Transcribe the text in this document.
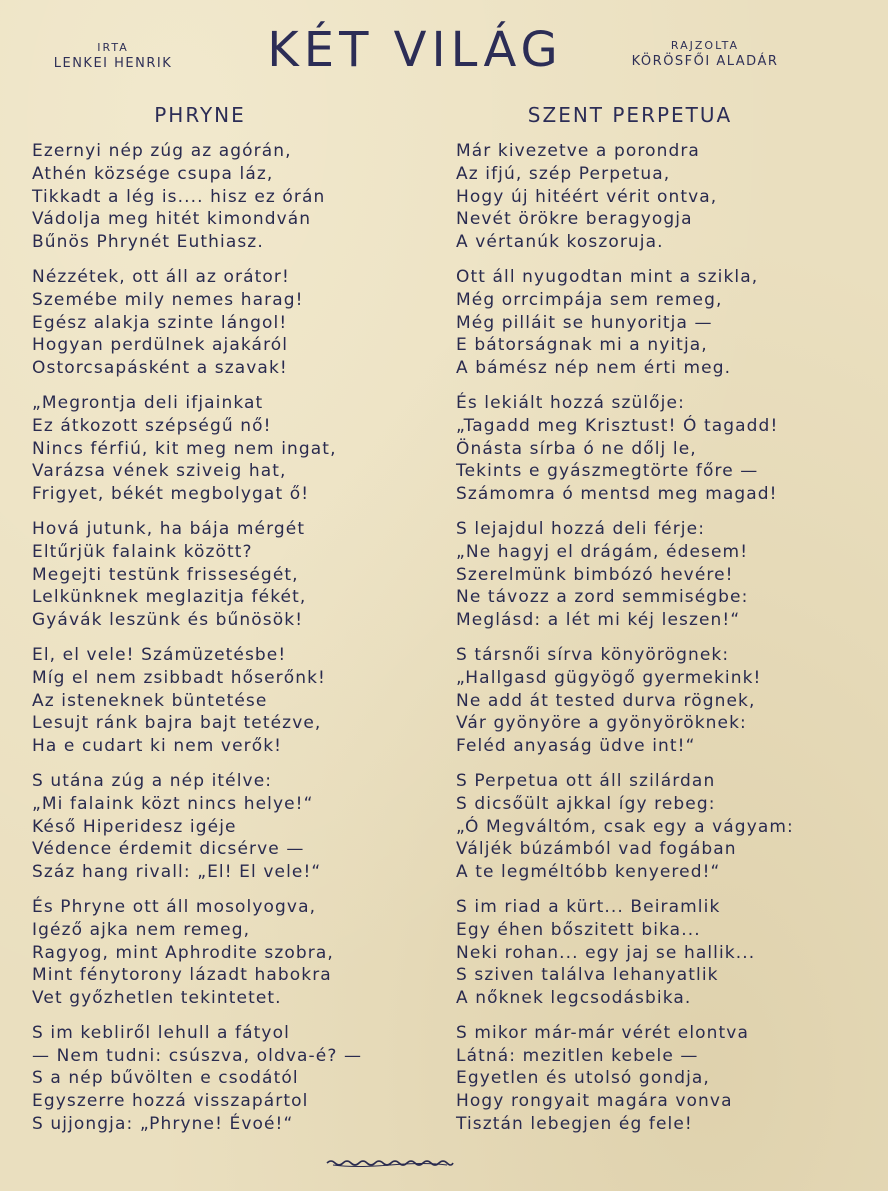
IRTA
LENKEI HENRIK	KÉT VILÁG	RAJZOLTA
KÖRÖSFŐI ALADÁR
PHRYNE	SZENT PERPETUA
Ezernyi nép zúg az agórán,
Athén községe csupa láz,
Tikkadt a lég is.... hisz ez órán
Vádolja meg hitét kimondván
Bűnös Phrynét Euthiasz.
Nézzétek, ott áll az orátor!
Szemébe mily nemes harag!
Egész alakja szinte lángol!
Hogyan perdülnek ajakáról
Ostorcsapásként a szavak!
„Megrontja deli ifjainkat
Ez átkozott szépségű nő!
Nincs férfiú, kit meg nem ingat,
Varázsa vének sziveig hat,
Frigyet, békét megbolygat ő!
Hová jutunk, ha bája mérgét
Eltűrjük falaink között?
Megejti testünk frisseségét,
Lelkünknek meglazitja fékét,
Gyávák leszünk és bűnösök!
El, el vele! Számüzetésbe!
Míg el nem zsibbadt hőserőnk!
Az isteneknek büntetése
Lesujt ránk bajra bajt tetézve,
Ha e cudart ki nem verők!
S utána zúg a nép itélve:
„Mi falaink közt nincs helye!“
Késő Hiperidesz igéje
Védence érdemit dicsérve —
Száz hang rivall: „El! El vele!“
És Phryne ott áll mosolyogva,
Igéző ajka nem remeg,
Ragyog, mint Aphrodite szobra,
Mint fénytorony lázadt habokra
Vet győzhetlen tekintetet.
S im kebliről lehull a fátyol
— Nem tudni: csúszva, oldva-é? —
S a nép bűvölten e csodától
Egyszerre hozzá visszapártol
S ujjongja: „Phryne! Évoé!“
Már kivezetve a porondra
Az ifjú, szép Perpetua,
Hogy új hitéért vérit ontva,
Nevét örökre beragyogja
A vértanúk koszoruja.
Ott áll nyugodtan mint a szikla,
Még orrcimpája sem remeg,
Még pilláit se hunyoritja —
E bátorságnak mi a nyitja,
A bámész nép nem érti meg.
És lekiált hozzá szülője:
„Tagadd meg Krisztust! Ó tagadd!
Önásta sírba ó ne dőlj le,
Tekints e gyászmegtörte főre —
Számomra ó mentsd meg magad!
S lejajdul hozzá deli férje:
„Ne hagyj el drágám, édesem!
Szerelmünk bimbózó hevére!
Ne távozz a zord semmiségbe:
Meglásd: a lét mi kéj leszen!“
S társnői sírva könyörögnek:
„Hallgasd gügyögő gyermekink!
Ne add át tested durva rögnek,
Vár gyönyöre a gyönyöröknek:
Feléd anyaság üdve int!“
S Perpetua ott áll szilárdan
S dicsőült ajkkal így rebeg:
„Ó Megváltóm, csak egy a vágyam:
Váljék búzámból vad fogában
A te legméltóbb kenyered!“
S im riad a kürt... Beiramlik
Egy éhen bőszitett bika...
Neki rohan... egy jaj se hallik...
S sziven találva lehanyatlik
A nőknek legcsodásbika.
S mikor már-már vérét elontva
Látná: mezitlen kebele —
Egyetlen és utolsó gondja,
Hogy rongyait magára vonva
Tisztán lebegjen ég fele!
